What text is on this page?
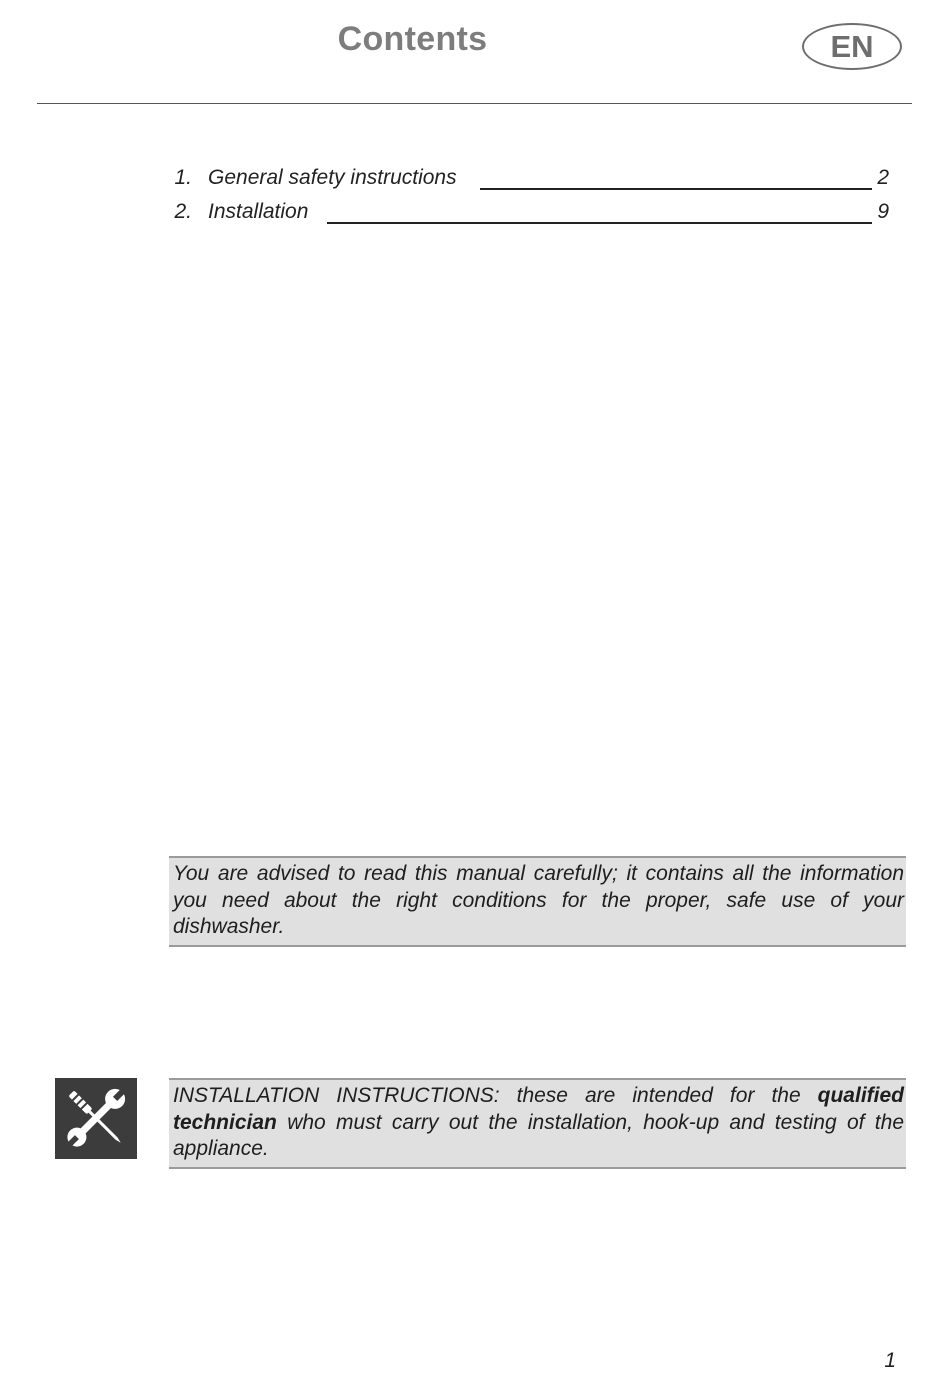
Contents	EN
1. General safety instructions	2
2. Installation	9
You are advised to read this manual carefully; it contains all the information you need about the right conditions for the proper, safe use of your dishwasher.
INSTALLATION INSTRUCTIONS: these are intended for the qualified technician who must carry out the installation, hook-up and testing of the appliance.
1
